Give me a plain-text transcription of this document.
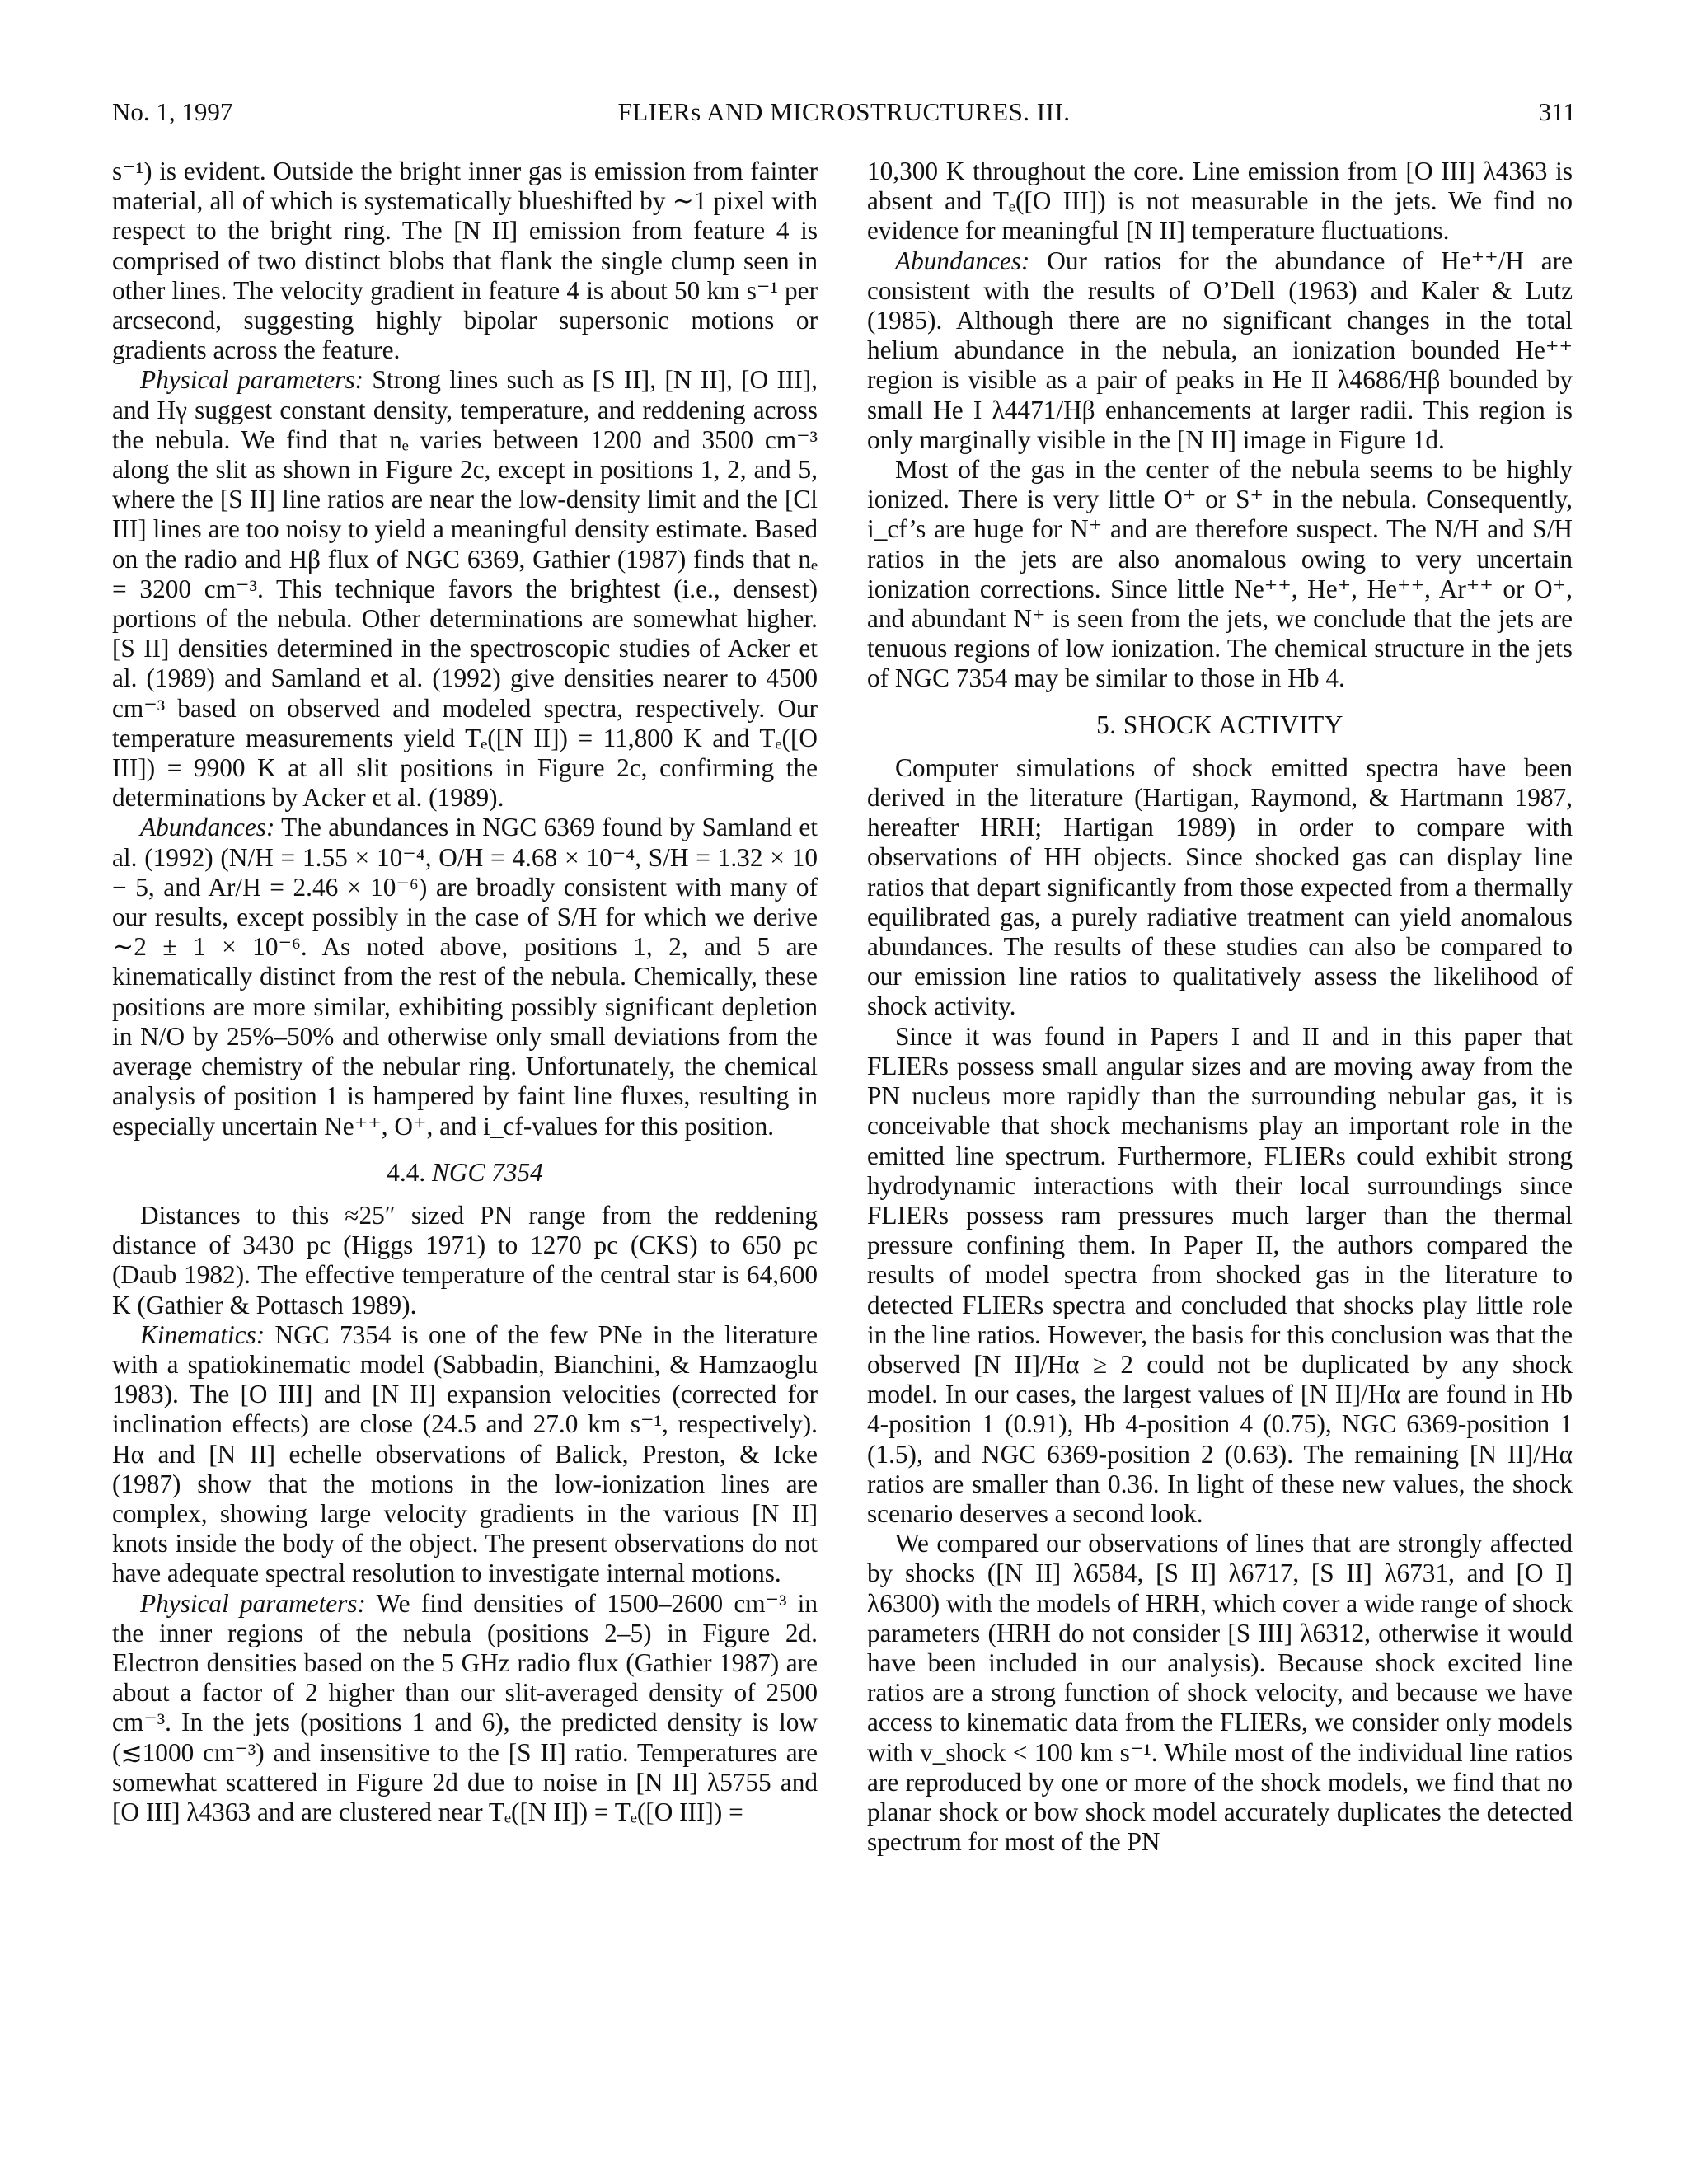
No. 1, 1997	FLIERs AND MICROSTRUCTURES. III.	311

s⁻¹) is evident. Outside the bright inner gas is emission from fainter material, all of which is systematically blueshifted by ∼1 pixel with respect to the bright ring. The [N II] emission from feature 4 is comprised of two distinct blobs that flank the single clump seen in other lines. The velocity gradient in feature 4 is about 50 km s⁻¹ per arcsecond, suggesting highly bipolar supersonic motions or gradients across the feature.

Physical parameters: Strong lines such as [S II], [N II], [O III], and Hγ suggest constant density, temperature, and reddening across the nebula. We find that nₑ varies between 1200 and 3500 cm⁻³ along the slit as shown in Figure 2c, except in positions 1, 2, and 5, where the [S II] line ratios are near the low-density limit and the [Cl III] lines are too noisy to yield a meaningful density estimate. Based on the radio and Hβ flux of NGC 6369, Gathier (1987) finds that nₑ = 3200 cm⁻³. This technique favors the brightest (i.e., densest) portions of the nebula. Other determinations are somewhat higher. [S II] densities determined in the spectroscopic studies of Acker et al. (1989) and Samland et al. (1992) give densities nearer to 4500 cm⁻³ based on observed and modeled spectra, respectively. Our temperature measurements yield Tₑ([N II]) = 11,800 K and Tₑ([O III]) = 9900 K at all slit positions in Figure 2c, confirming the determinations by Acker et al. (1989).

Abundances: The abundances in NGC 6369 found by Samland et al. (1992) (N/H = 1.55 × 10⁻⁴, O/H = 4.68 × 10⁻⁴, S/H = 1.32 × 10 − 5, and Ar/H = 2.46 × 10⁻⁶) are broadly consistent with many of our results, except possibly in the case of S/H for which we derive ∼2 ± 1 × 10⁻⁶. As noted above, positions 1, 2, and 5 are kinematically distinct from the rest of the nebula. Chemically, these positions are more similar, exhibiting possibly significant depletion in N/O by 25%–50% and otherwise only small deviations from the average chemistry of the nebular ring. Unfortunately, the chemical analysis of position 1 is hampered by faint line fluxes, resulting in especially uncertain Ne⁺⁺, O⁺, and i_cf-values for this position.

4.4. NGC 7354

Distances to this ≈25″ sized PN range from the reddening distance of 3430 pc (Higgs 1971) to 1270 pc (CKS) to 650 pc (Daub 1982). The effective temperature of the central star is 64,600 K (Gathier & Pottasch 1989).

Kinematics: NGC 7354 is one of the few PNe in the literature with a spatiokinematic model (Sabbadin, Bianchini, & Hamzaoglu 1983). The [O III] and [N II] expansion velocities (corrected for inclination effects) are close (24.5 and 27.0 km s⁻¹, respectively). Hα and [N II] echelle observations of Balick, Preston, & Icke (1987) show that the motions in the low-ionization lines are complex, showing large velocity gradients in the various [N II] knots inside the body of the object. The present observations do not have adequate spectral resolution to investigate internal motions.

Physical parameters: We find densities of 1500–2600 cm⁻³ in the inner regions of the nebula (positions 2–5) in Figure 2d. Electron densities based on the 5 GHz radio flux (Gathier 1987) are about a factor of 2 higher than our slit-averaged density of 2500 cm⁻³. In the jets (positions 1 and 6), the predicted density is low (≲1000 cm⁻³) and insensitive to the [S II] ratio. Temperatures are somewhat scattered in Figure 2d due to noise in [N II] λ5755 and [O III] λ4363 and are clustered near Tₑ([N II]) = Tₑ([O III]) =

10,300 K throughout the core. Line emission from [O III] λ4363 is absent and Tₑ([O III]) is not measurable in the jets. We find no evidence for meaningful [N II] temperature fluctuations.

Abundances: Our ratios for the abundance of He⁺⁺/H are consistent with the results of O’Dell (1963) and Kaler & Lutz (1985). Although there are no significant changes in the total helium abundance in the nebula, an ionization bounded He⁺⁺ region is visible as a pair of peaks in He II λ4686/Hβ bounded by small He I λ4471/Hβ enhancements at larger radii. This region is only marginally visible in the [N II] image in Figure 1d.

Most of the gas in the center of the nebula seems to be highly ionized. There is very little O⁺ or S⁺ in the nebula. Consequently, i_cf’s are huge for N⁺ and are therefore suspect. The N/H and S/H ratios in the jets are also anomalous owing to very uncertain ionization corrections. Since little Ne⁺⁺, He⁺, He⁺⁺, Ar⁺⁺ or O⁺, and abundant N⁺ is seen from the jets, we conclude that the jets are tenuous regions of low ionization. The chemical structure in the jets of NGC 7354 may be similar to those in Hb 4.

5. SHOCK ACTIVITY

Computer simulations of shock emitted spectra have been derived in the literature (Hartigan, Raymond, & Hartmann 1987, hereafter HRH; Hartigan 1989) in order to compare with observations of HH objects. Since shocked gas can display line ratios that depart significantly from those expected from a thermally equilibrated gas, a purely radiative treatment can yield anomalous abundances. The results of these studies can also be compared to our emission line ratios to qualitatively assess the likelihood of shock activity.

Since it was found in Papers I and II and in this paper that FLIERs possess small angular sizes and are moving away from the PN nucleus more rapidly than the surrounding nebular gas, it is conceivable that shock mechanisms play an important role in the emitted line spectrum. Furthermore, FLIERs could exhibit strong hydrodynamic interactions with their local surroundings since FLIERs possess ram pressures much larger than the thermal pressure confining them. In Paper II, the authors compared the results of model spectra from shocked gas in the literature to detected FLIERs spectra and concluded that shocks play little role in the line ratios. However, the basis for this conclusion was that the observed [N II]/Hα ≥ 2 could not be duplicated by any shock model. In our cases, the largest values of [N II]/Hα are found in Hb 4-position 1 (0.91), Hb 4-position 4 (0.75), NGC 6369-position 1 (1.5), and NGC 6369-position 2 (0.63). The remaining [N II]/Hα ratios are smaller than 0.36. In light of these new values, the shock scenario deserves a second look.

We compared our observations of lines that are strongly affected by shocks ([N II] λ6584, [S II] λ6717, [S II] λ6731, and [O I] λ6300) with the models of HRH, which cover a wide range of shock parameters (HRH do not consider [S III] λ6312, otherwise it would have been included in our analysis). Because shock excited line ratios are a strong function of shock velocity, and because we have access to kinematic data from the FLIERs, we consider only models with v_shock < 100 km s⁻¹. While most of the individual line ratios are reproduced by one or more of the shock models, we find that no planar shock or bow shock model accurately duplicates the detected spectrum for most of the PN
